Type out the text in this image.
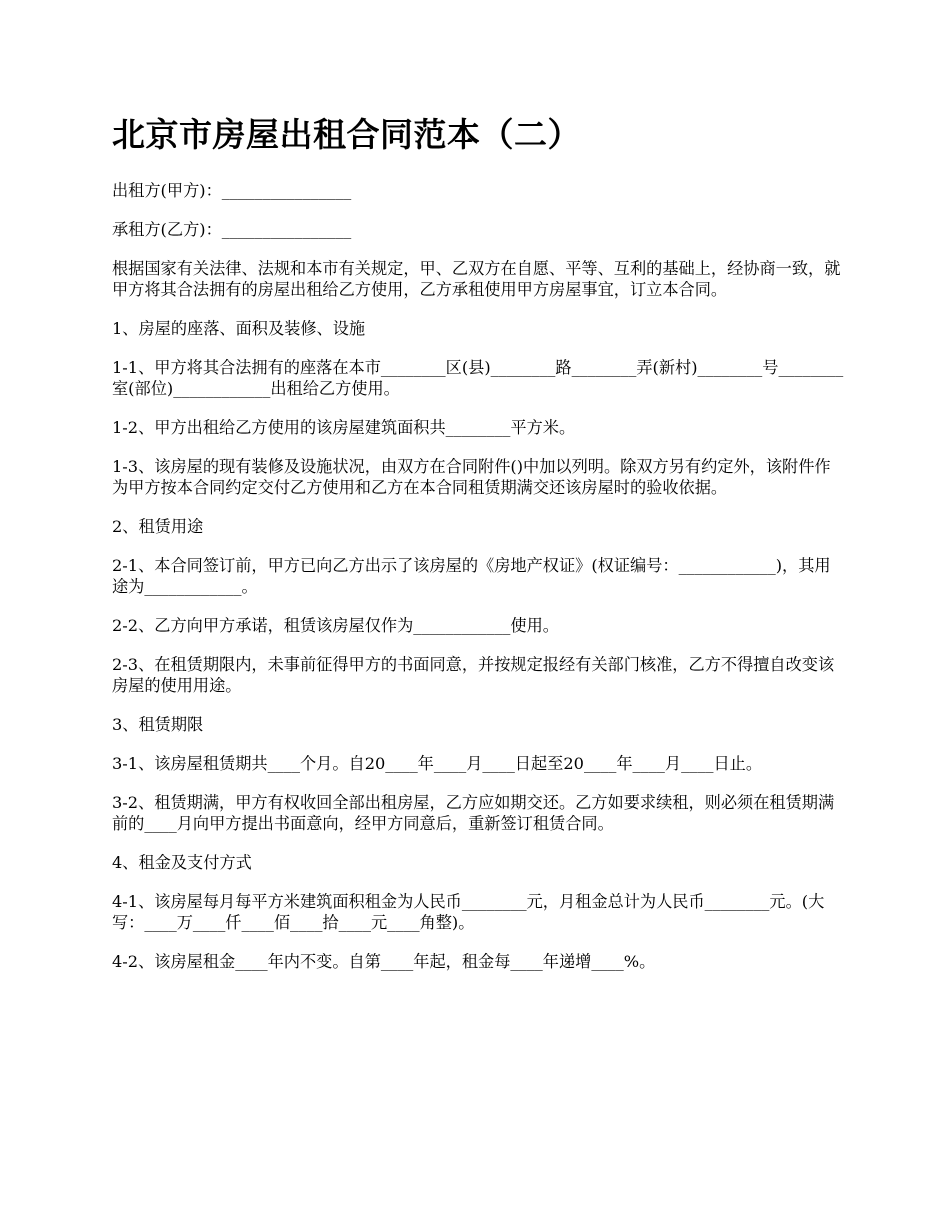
北京市房屋出租合同范本（二）

出租方(甲方)：________________

承租方(乙方)：________________

根据国家有关法律、法规和本市有关规定，甲、乙双方在自愿、平等、互利的基础上，经协商一致，就甲方将其合法拥有的房屋出租给乙方使用，乙方承租使用甲方房屋事宜，订立本合同。

1、房屋的座落、面积及装修、设施

1-1、甲方将其合法拥有的座落在本市________区(县)________路________弄(新村)________号________室(部位)____________出租给乙方使用。

1-2、甲方出租给乙方使用的该房屋建筑面积共________平方米。

1-3、该房屋的现有装修及设施状况，由双方在合同附件()中加以列明。除双方另有约定外，该附件作为甲方按本合同约定交付乙方使用和乙方在本合同租赁期满交还该房屋时的验收依据。

2、租赁用途

2-1、本合同签订前，甲方已向乙方出示了该房屋的《房地产权证》(权证编号：____________)，其用途为____________。

2-2、乙方向甲方承诺，租赁该房屋仅作为____________使用。

2-3、在租赁期限内，未事前征得甲方的书面同意，并按规定报经有关部门核准，乙方不得擅自改变该房屋的使用用途。

3、租赁期限

3-1、该房屋租赁期共____个月。自20____年____月____日起至20____年____月____日止。

3-2、租赁期满，甲方有权收回全部出租房屋，乙方应如期交还。乙方如要求续租，则必须在租赁期满前的____月向甲方提出书面意向，经甲方同意后，重新签订租赁合同。

4、租金及支付方式

4-1、该房屋每月每平方米建筑面积租金为人民币________元，月租金总计为人民币________元。(大写：____万____仟____佰____拾____元____角整)。

4-2、该房屋租金____年内不变。自第____年起，租金每____年递增____%。
